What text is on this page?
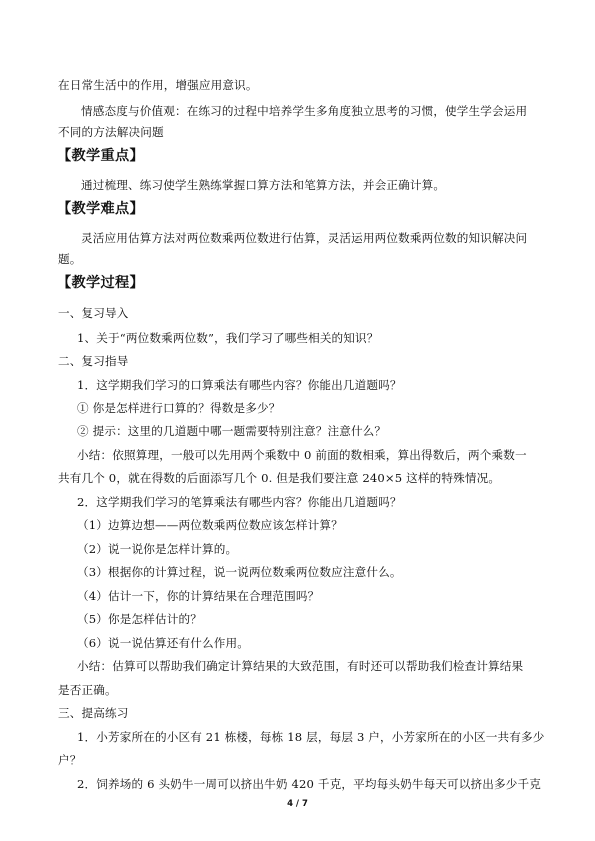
在日常生活中的作用，增强应用意识。
情感态度与价值观：在练习的过程中培养学生多角度独立思考的习惯，使学生学会运用
不同的方法解决问题
【教学重点】
通过梳理、练习使学生熟练掌握口算方法和笔算方法，并会正确计算。
【教学难点】
灵活应用估算方法对两位数乘两位数进行估算，灵活运用两位数乘两位数的知识解决问
题。
【教学过程】
一、复习导入
1、关于“两位数乘两位数”，我们学习了哪些相关的知识？
二、复习指导
1．这学期我们学习的口算乘法有哪些内容？你能出几道题吗？
① 你是怎样进行口算的？得数是多少？
② 提示：这里的几道题中哪一题需要特别注意？注意什么？
小结：依照算理，一般可以先用两个乘数中 0 前面的数相乘，算出得数后，两个乘数一
共有几个 0，就在得数的后面添写几个 0. 但是我们要注意 240×5 这样的特殊情况。
2．这学期我们学习的笔算乘法有哪些内容？你能出几道题吗？
（1）边算边想——两位数乘两位数应该怎样计算？
（2）说一说你是怎样计算的。
（3）根据你的计算过程，说一说两位数乘两位数应注意什么。
（4）估计一下，你的计算结果在合理范围吗？
（5）你是怎样估计的？
（6）说一说估算还有什么作用。
小结：估算可以帮助我们确定计算结果的大致范围，有时还可以帮助我们检查计算结果
是否正确。
三、提高练习
1．小芳家所在的小区有 21 栋楼，每栋 18 层，每层 3 户，小芳家所在的小区一共有多少
户？
2．饲养场的 6 头奶牛一周可以挤出牛奶 420 千克，平均每头奶牛每天可以挤出多少千克
4 / 7
